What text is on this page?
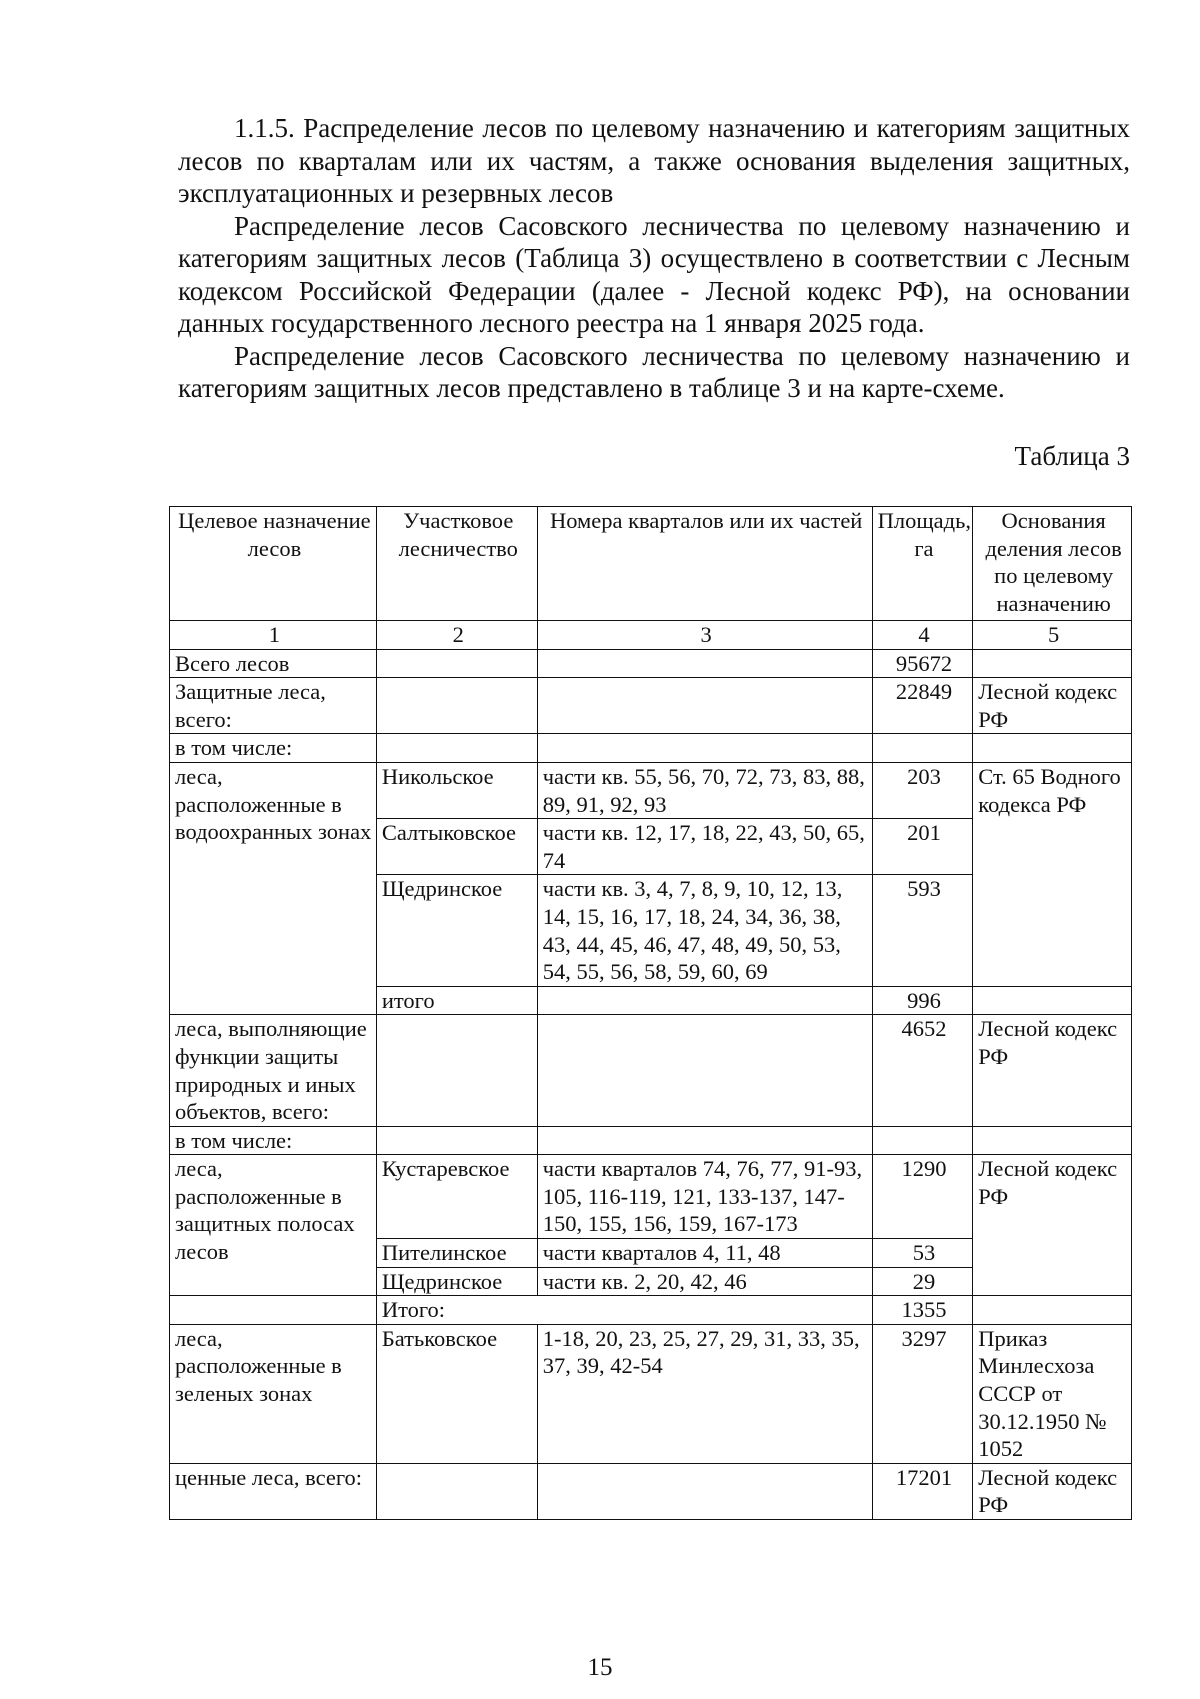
1.1.5. Распределение лесов по целевому назначению и категориям защитных лесов по кварталам или их частям, а также основания выделения защитных, эксплуатационных и резервных лесов

Распределение лесов Сасовского лесничества по целевому назначению и категориям защитных лесов (Таблица 3) осуществлено в соответствии с Лесным кодексом Российской Федерации (далее - Лесной кодекс РФ), на основании данных государственного лесного реестра на 1 января 2025 года.

Распределение лесов Сасовского лесничества по целевому назначению и категориям защитных лесов представлено в таблице 3 и на карте-схеме.

Таблица 3
Целевое назначение лесов	Участковое лесничество	Номера кварталов или их частей	Площадь, га	Основания деления лесов по целевому назначению
1	2	3	4	5
Всего лесов			95672	
Защитные леса, всего:			22849	Лесной кодекс РФ
в том числе:				
леса, расположенные в водоохранных зонах	Никольское	части кв. 55, 56, 70, 72, 73, 83, 88, 89, 91, 92, 93	203	Ст. 65 Водного кодекса РФ
	Салтыковское	части кв. 12, 17, 18, 22, 43, 50, 65, 74	201	
	Щедринское	части кв. 3, 4, 7, 8, 9, 10, 12, 13, 14, 15, 16, 17, 18, 24, 34, 36, 38, 43, 44, 45, 46, 47, 48, 49, 50, 53, 54, 55, 56, 58, 59, 60, 69	593	
	итого		996	
леса, выполняющие функции защиты природных и иных объектов, всего:			4652	Лесной кодекс РФ
в том числе:				
леса, расположенные в защитных полосах лесов	Кустаревское	части кварталов 74, 76, 77, 91-93, 105, 116-119, 121, 133-137, 147-150, 155, 156, 159, 167-173	1290	Лесной кодекс РФ
	Пителинское	части кварталов 4, 11, 48	53	
	Щедринское	части кв. 2, 20, 42, 46	29	
	Итого:		1355	
леса, расположенные в зеленых зонах	Батьковское	1-18, 20, 23, 25, 27, 29, 31, 33, 35, 37, 39, 42-54	3297	Приказ Минлесхоза СССР от 30.12.1950 № 1052
ценные леса, всего:			17201	Лесной кодекс РФ
15
